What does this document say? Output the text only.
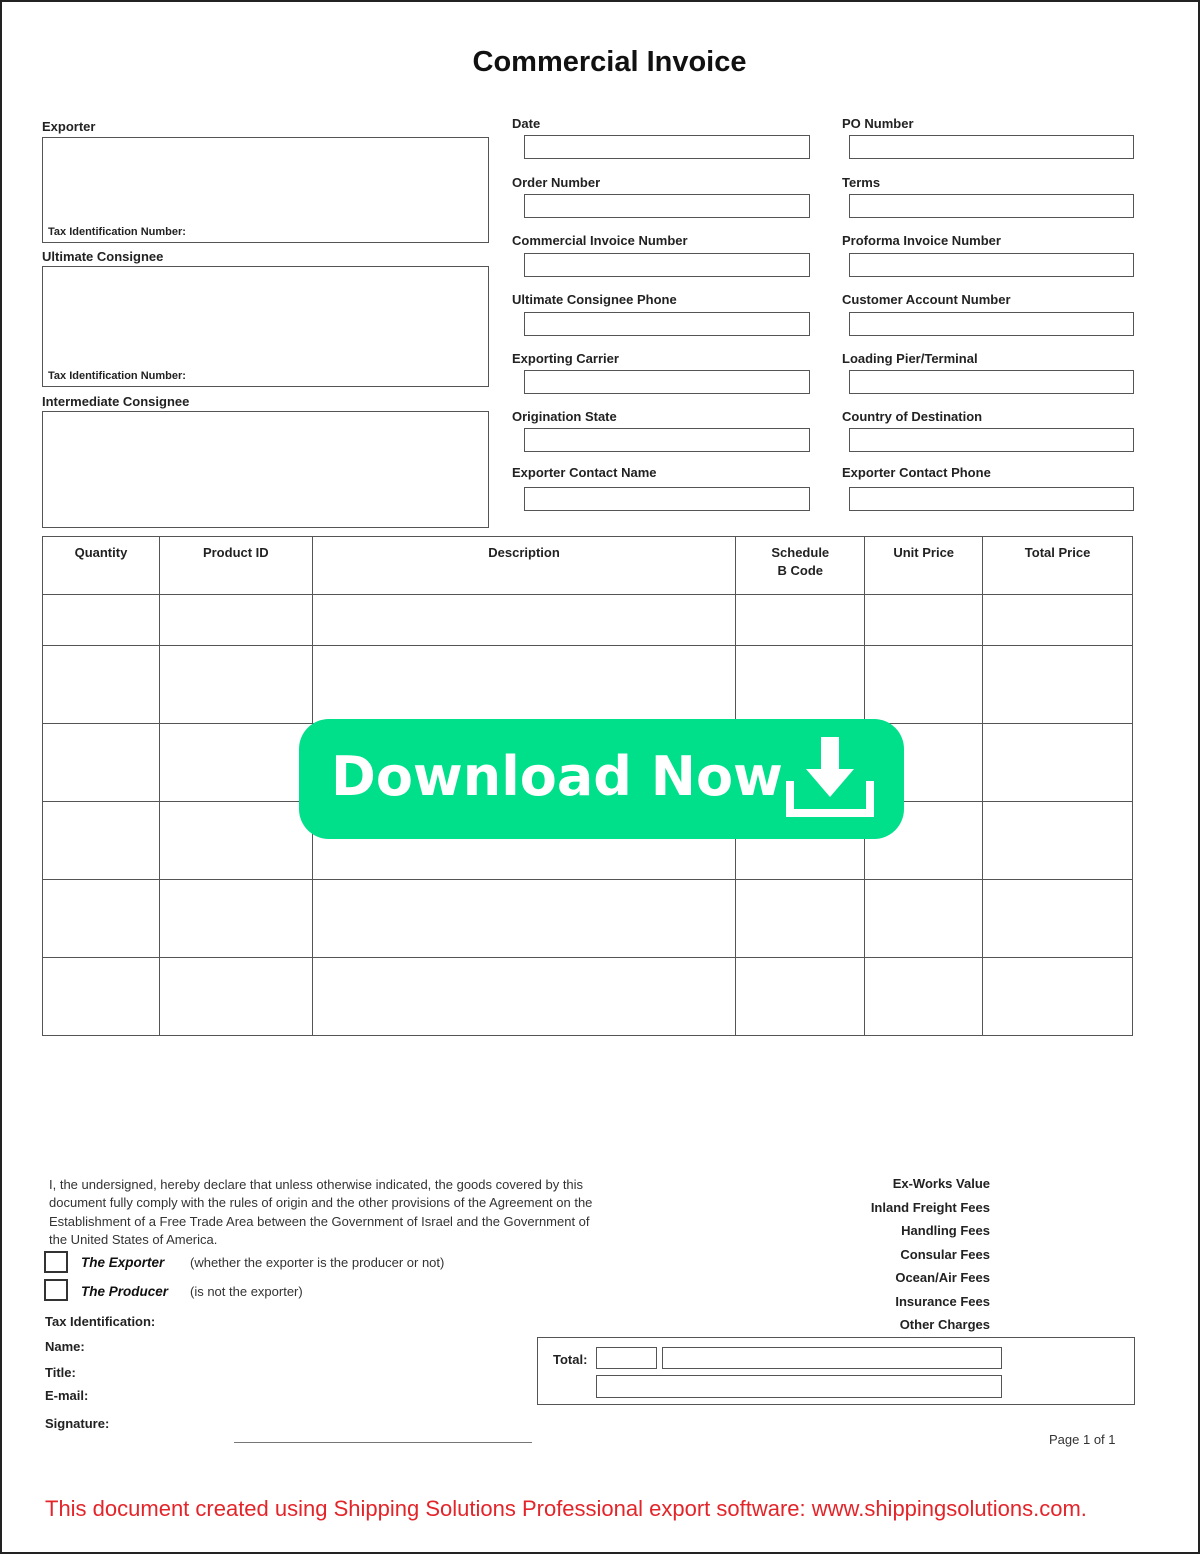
Commercial Invoice
Exporter
Tax Identification Number:
Ultimate Consignee
Tax Identification Number:
Intermediate Consignee
Date
Order Number
Commercial Invoice Number
Ultimate Consignee Phone
Exporting Carrier
Origination State
Exporter Contact Name
PO Number
Terms
Proforma Invoice Number
Customer Account Number
Loading Pier/Terminal
Country of Destination
Exporter Contact Phone
Quantity	Product ID	Description	Schedule B Code	Unit Price	Total Price

Download Now
I, the undersigned, hereby declare that unless otherwise indicated, the goods covered by this document fully comply with the rules of origin and the other provisions of the Agreement on the Establishment of a Free Trade Area between the Government of Israel and the Government of the United States of America.
The Exporter (whether the exporter is the producer or not)
The Producer (is not the exporter)
Tax Identification:
Name:
Title:
E-mail:
Signature:
Ex-Works Value
Inland Freight Fees
Handling Fees
Consular Fees
Ocean/Air Fees
Insurance Fees
Other Charges
Total:
Page 1 of 1
This document created using Shipping Solutions Professional export software: www.shippingsolutions.com.
